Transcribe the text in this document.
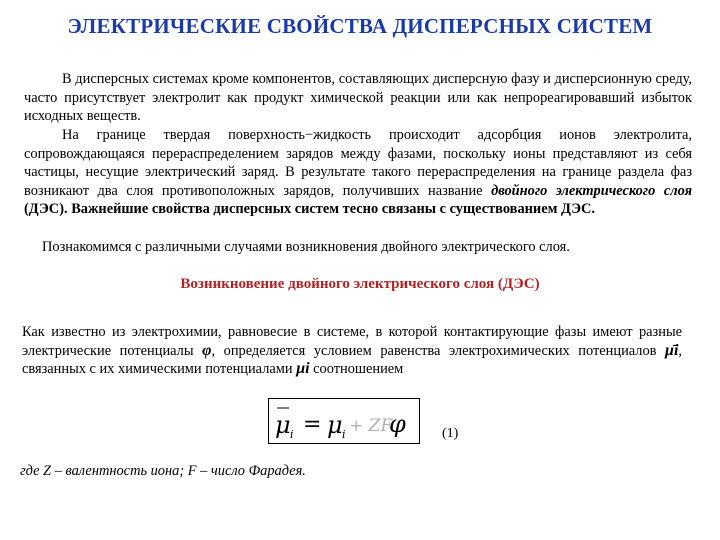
ЭЛЕКТРИЧЕСКИЕ СВОЙСТВА ДИСПЕРСНЫХ СИСТЕМ

В дисперсных системах кроме компонентов, составляющих дисперсную фазу и дисперсионную среду, часто присутствует электролит как продукт химической реакции или как непрореагировавший избыток исходных веществ.

На границе твердая поверхность−жидкость происходит адсорбция ионов электролита, сопровождающаяся перераспределением зарядов между фазами, поскольку ионы представляют из себя частицы, несущие электрический заряд. В результате такого перераспределения на границе раздела фаз возникают два слоя противоположных зарядов, получивших название двойного электрического слоя (ДЭС). Важнейшие свойства дисперсных систем тесно связаны с существованием ДЭС.

Познакомимся с различными случаями возникновения двойного электрического слоя.

Возникновение двойного электрического слоя (ДЭС)

Как известно из электрохимии, равновесие в системе, в которой контактирующие фазы имеют разные электрические потенциалы φ, определяется условием равенства электрохимических потенциалов μ̄i, связанных с их химическими потенциалами μi соотношением

μ i = μ i + ZF
φ	(1)
где Z – валентность иона; F – число Фарадея.
